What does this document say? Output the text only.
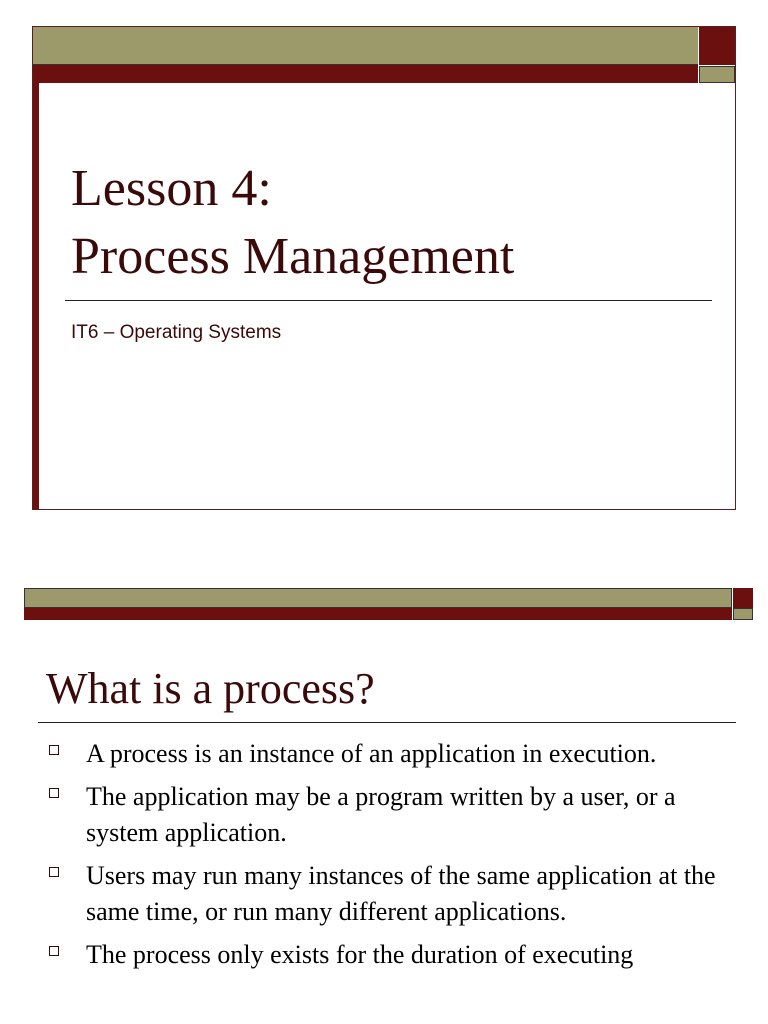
Lesson 4:
Process Management
IT6 – Operating Systems
What is a process?
A process is an instance of an application in execution.
The application may be a program written by a user, or a system application.
Users may run many instances of the same application at the same time, or run many different applications.
The process only exists for the duration of executing
